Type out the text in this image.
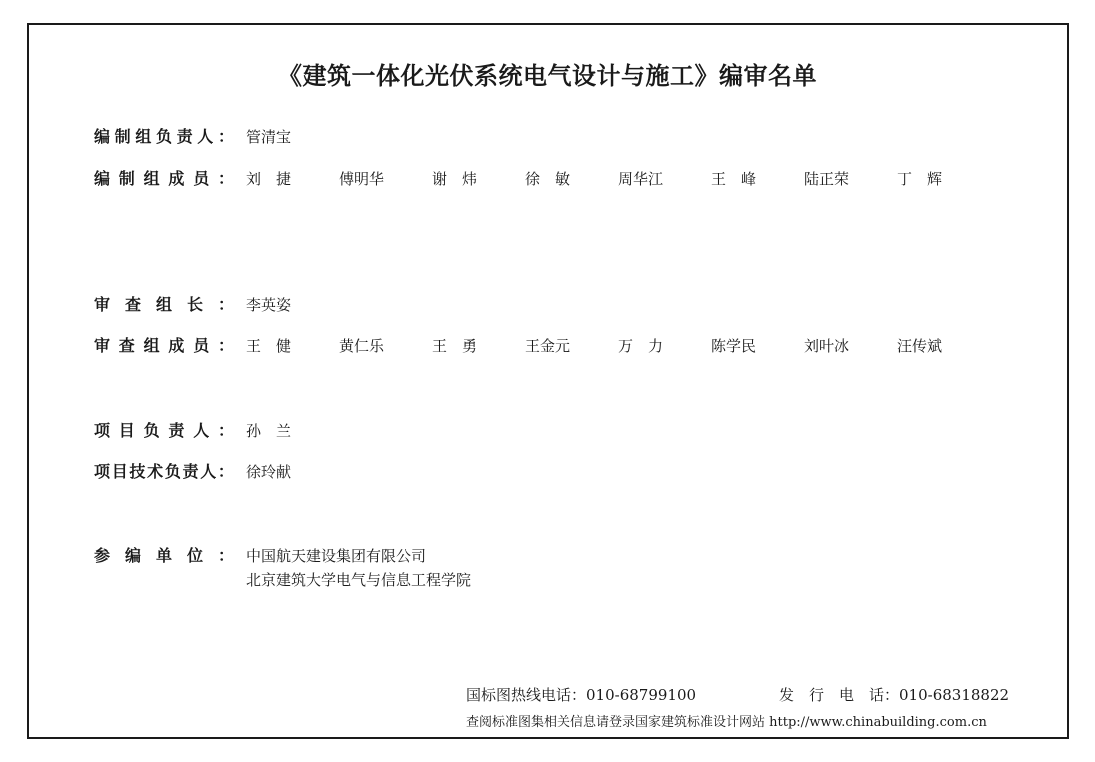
《建筑一体化光伏系统电气设计与施工》编审名单
编 制 组 负 责 人 ： 管清宝
编 制 组 成 员 ： 刘　捷	傅明华	谢　炜	徐　敏	周华江	王　峰	陆正荣	丁　辉
审 查 组 长 ： 李英姿
审 查 组 成 员 ： 王　健	黄仁乐	王　勇	王金元	万　力	陈学民	刘叶冰	汪传斌
项 目 负 责 人 ： 孙　兰
项 目 技 术 负 责 人 ： 徐玲献
参 编 单 位 ： 中国航天建设集团有限公司
北京建筑大学电气与信息工程学院
国标图热线电话：010-68799100	发　行　电　话：010-68318822
查阅标准图集相关信息请登录国家建筑标准设计网站 http://www.chinabuilding.com.cn
